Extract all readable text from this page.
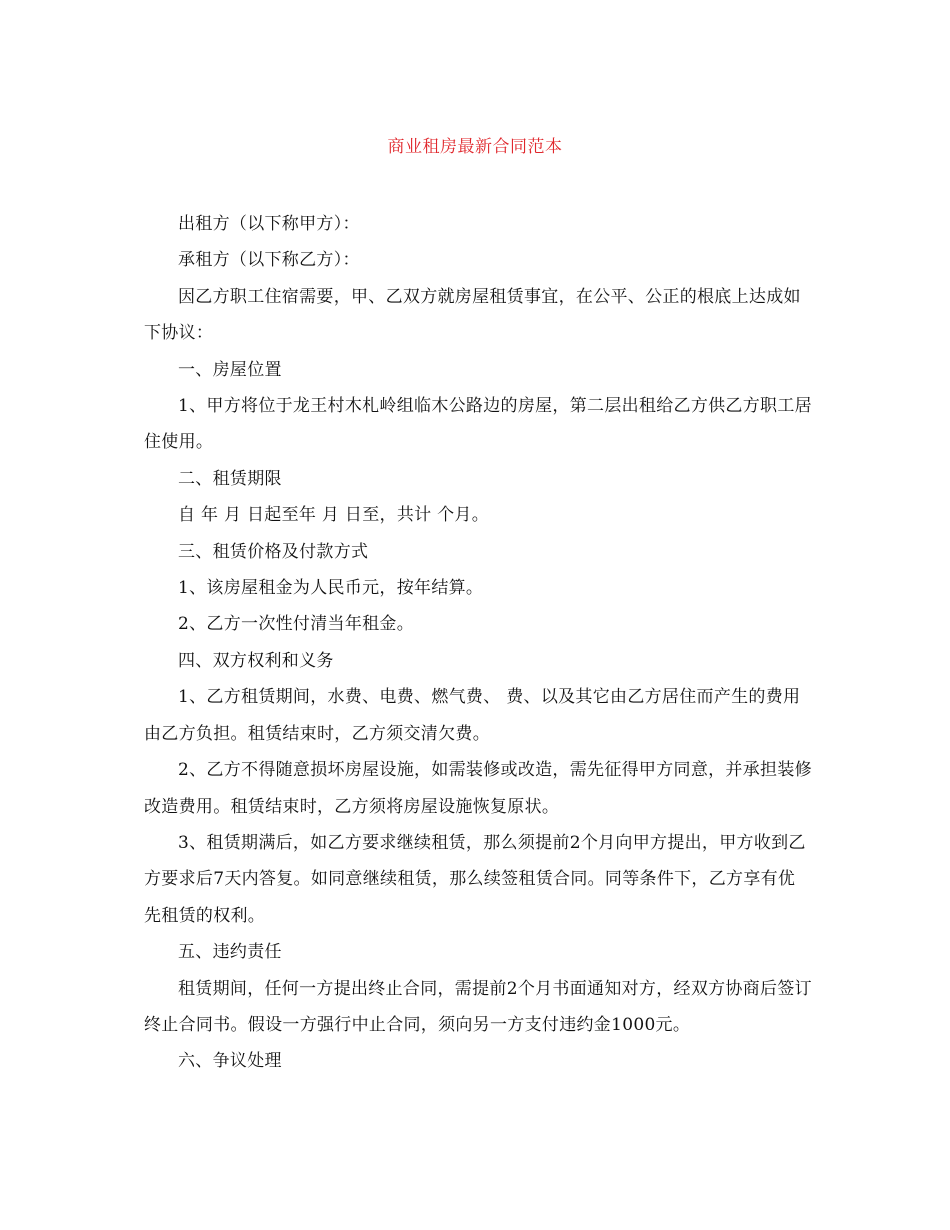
商业租房最新合同范本

出租方（以下称甲方）：

承租方（以下称乙方）：

因乙方职工住宿需要，甲、乙双方就房屋租赁事宜，在公平、公正的根底上达成如下协议：

一、房屋位置

1、甲方将位于龙王村木札岭组临木公路边的房屋，第二层出租给乙方供乙方职工居住使用。

二、租赁期限

自 年 月 日起至年 月 日至，共计 个月。

三、租赁价格及付款方式

1、该房屋租金为人民币元，按年结算。

2、乙方一次性付清当年租金。

四、双方权利和义务

1、乙方租赁期间，水费、电费、燃气费、 费、以及其它由乙方居住而产生的费用由乙方负担。租赁结束时，乙方须交清欠费。

2、乙方不得随意损坏房屋设施，如需装修或改造，需先征得甲方同意，并承担装修改造费用。租赁结束时，乙方须将房屋设施恢复原状。

3、租赁期满后，如乙方要求继续租赁，那么须提前2个月向甲方提出，甲方收到乙方要求后7天内答复。如同意继续租赁，那么续签租赁合同。同等条件下，乙方享有优先租赁的权利。

五、违约责任

租赁期间，任何一方提出终止合同，需提前2个月书面通知对方，经双方协商后签订终止合同书。假设一方强行中止合同，须向另一方支付违约金1000元。

六、争议处理
